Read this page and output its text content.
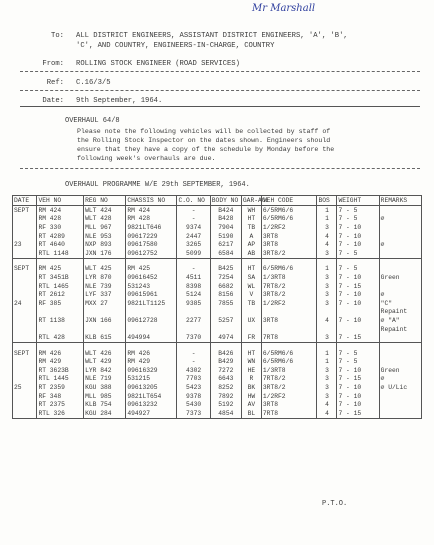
Mr Marshall
To: ALL DISTRICT ENGINEERS, ASSISTANT DISTRICT ENGINEERS, 'A', 'B',
'C', AND COUNTRY, ENGINEERS-IN-CHARGE, COUNTRY
From: ROLLING STOCK ENGINEER (ROAD SERVICES)
Ref: C.16/3/5
Date: 9th September, 1964.
OVERHAUL 64/8
Please note the following vehicles will be collected by staff of
the Rolling Stock Inspector on the dates shown. Engineers should
ensure that they have a copy of the schedule by Monday before the
following week's overhauls are due.
OVERHAUL PROGRAMME W/E 29th SEPTEMBER, 1964.
DATE	VEH NO	REG NO	CHASSIS NO	C.O. NO	BODY NO	GAR-AGE	VEH CODE	BOS	WEIGHT	REMARKS
SEPT	RM 424	WLT 424	RM 424	-	B424	WH	6/5RM6/6	1	7 - 5	
	RM 428	WLT 428	RM 428	-	B428	HT	6/5RM6/6	1	7 - 5	∅
	RF 330	MLL 967	9821LT646	9374	7904	TB	1/2RF2	3	7 - 10	
	RT 4289	NLE 953	09617229	2447	5190	A	3RT8	4	7 - 10	
23	RT 4640	NXP 893	09617580	3265	6217	AP	3RT8	4	7 - 10	∅
	RTL 1148	JXN 176	09612752	5099	6584	AB	3RT8/2	3	7 - 5	

SEPT	RM 425	WLT 425	RM 425	-	B425	HT	6/5RM6/6	1	7 - 5	
	RT 3451B	LYR 870	09616452	4511	7254	SA	1/3RT8	3	7 - 10	Green
	RTL 1465	NLE 739	531243	8398	6682	WL	7RT8/2	3	7 - 15	
	RT 2612	LYF 337	09615961	5124	8156	V	3RT8/2	3	7 - 10	∅
24	RF 385	MXX 27	9821LT1125	9385	7855	TB	1/2RF2	3	7 - 10	"C"
										Repaint
	RT 1138	JXN 166	09612728	2277	5257	UX	3RT8	4	7 - 10	∅ "A"
										Repaint
	RTL 428	KLB 615	494994	7370	4974	FR	7RT8	3	7 - 15	

SEPT	RM 426	WLT 426	RM 426	-	B426	HT	6/5RM6/6	1	7 - 5	
	RM 429	WLT 429	RM 429	-	B429	WN	6/5RM6/6	1	7 - 5	
	RT 3623B	LYR 842	09616329	4302	7272	HE	1/3RT8	3	7 - 10	Green
	RTL 1445	NLE 719	531215	7703	6643	R	7RT8/2	3	7 - 15	∅
25	RT 2359	KGU 388	09613205	5423	8252	BK	3RT8/2	3	7 - 10	∅ U/Lic
	RF 348	MLL 985	9821LT654	9378	7892	HW	1/2RF2	3	7 - 10	
	RT 2375	KLB 754	09613232	5430	5192	AV	3RT8	4	7 - 10	
	RTL 326	KGU 284	494927	7373	4854	BL	7RT8	4	7 - 15	
P.T.O.
